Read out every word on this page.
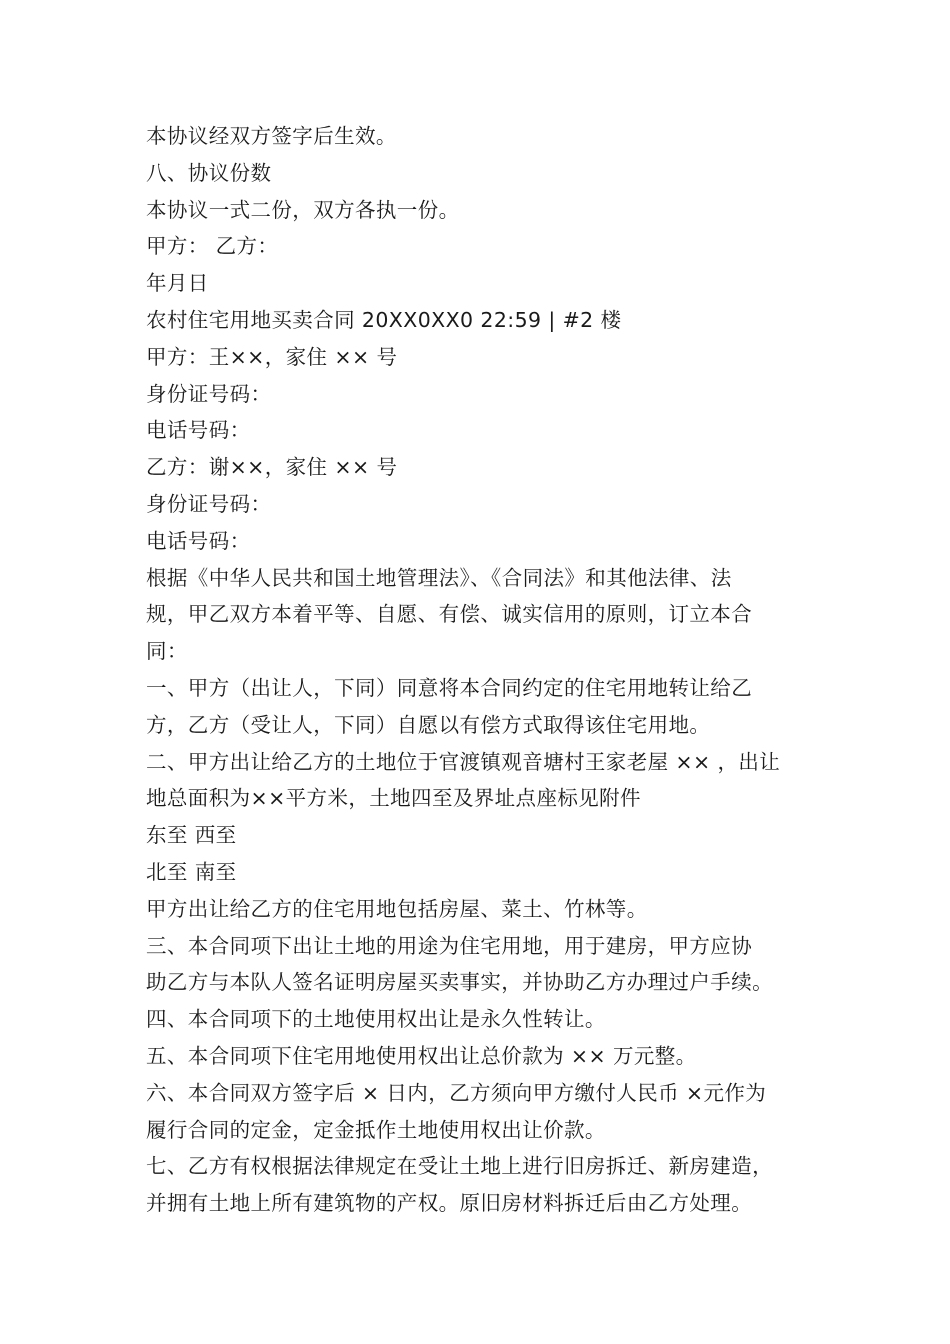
本协议经双方签字后生效。

八、协议份数

本协议一式二份，双方各执一份。

甲方： 乙方：

年月日

农村住宅用地买卖合同 20XX0XX0 22:59 | #2 楼

甲方：王××，家住 ×× 号

身份证号码：

电话号码：

乙方：谢××，家住 ×× 号

身份证号码：

电话号码：

根据《中华人民共和国土地管理法》、《合同法》和其他法律、法

规，甲乙双方本着平等、自愿、有偿、诚实信用的原则，订立本合

同：

一、甲方（出让人，下同）同意将本合同约定的住宅用地转让给乙

方，乙方（受让人，下同）自愿以有偿方式取得该住宅用地。

二、甲方出让给乙方的土地位于官渡镇观音塘村王家老屋 ×× ，出让

地总面积为××平方米，土地四至及界址点座标见附件

东至 西至

北至 南至

甲方出让给乙方的住宅用地包括房屋、菜土、竹林等。

三、本合同项下出让土地的用途为住宅用地，用于建房，甲方应协

助乙方与本队人签名证明房屋买卖事实，并协助乙方办理过户手续。

四、本合同项下的土地使用权出让是永久性转让。

五、本合同项下住宅用地使用权出让总价款为 ×× 万元整。

六、本合同双方签字后 × 日内，乙方须向甲方缴付人民币 ×元作为

履行合同的定金，定金抵作土地使用权出让价款。

七、乙方有权根据法律规定在受让土地上进行旧房拆迁、新房建造，

并拥有土地上所有建筑物的产权。原旧房材料拆迁后由乙方处理。
